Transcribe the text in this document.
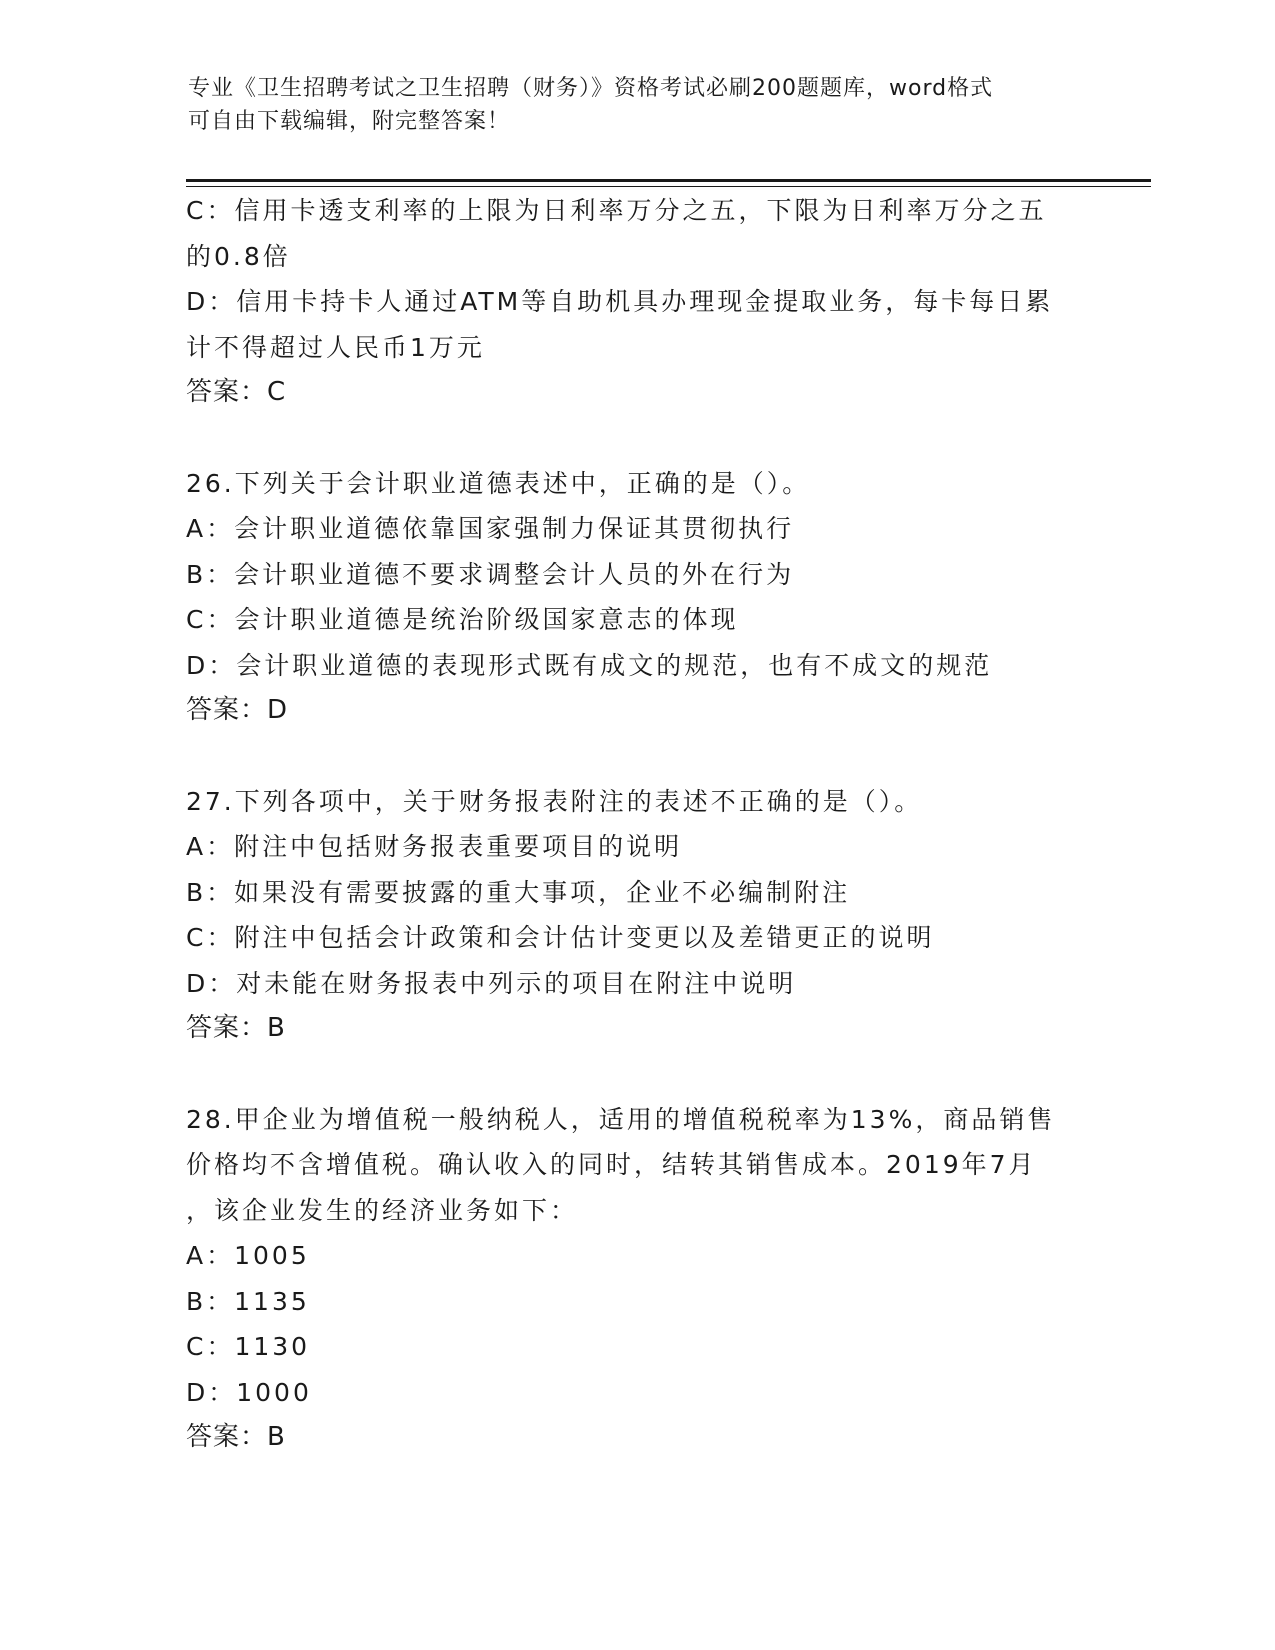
专业《卫生招聘考试之卫生招聘（财务）》资格考试必刷200题题库，word格式
可自由下载编辑，附完整答案！
C：信用卡透支利率的上限为日利率万分之五，下限为日利率万分之五
的0.8倍
D：信用卡持卡人通过ATM等自助机具办理现金提取业务，每卡每日累
计不得超过人民币1万元
答案：C
26.下列关于会计职业道德表述中，正确的是（）。
A：会计职业道德依靠国家强制力保证其贯彻执行
B：会计职业道德不要求调整会计人员的外在行为
C：会计职业道德是统治阶级国家意志的体现
D：会计职业道德的表现形式既有成文的规范，也有不成文的规范
答案：D
27.下列各项中，关于财务报表附注的表述不正确的是（）。
A：附注中包括财务报表重要项目的说明
B：如果没有需要披露的重大事项，企业不必编制附注
C：附注中包括会计政策和会计估计变更以及差错更正的说明
D：对未能在财务报表中列示的项目在附注中说明
答案：B
28.甲企业为增值税一般纳税人，适用的增值税税率为13%，商品销售
价格均不含增值税。确认收入的同时，结转其销售成本。2019年7月
，该企业发生的经济业务如下：
A：1005
B：1135
C：1130
D：1000
答案：B
